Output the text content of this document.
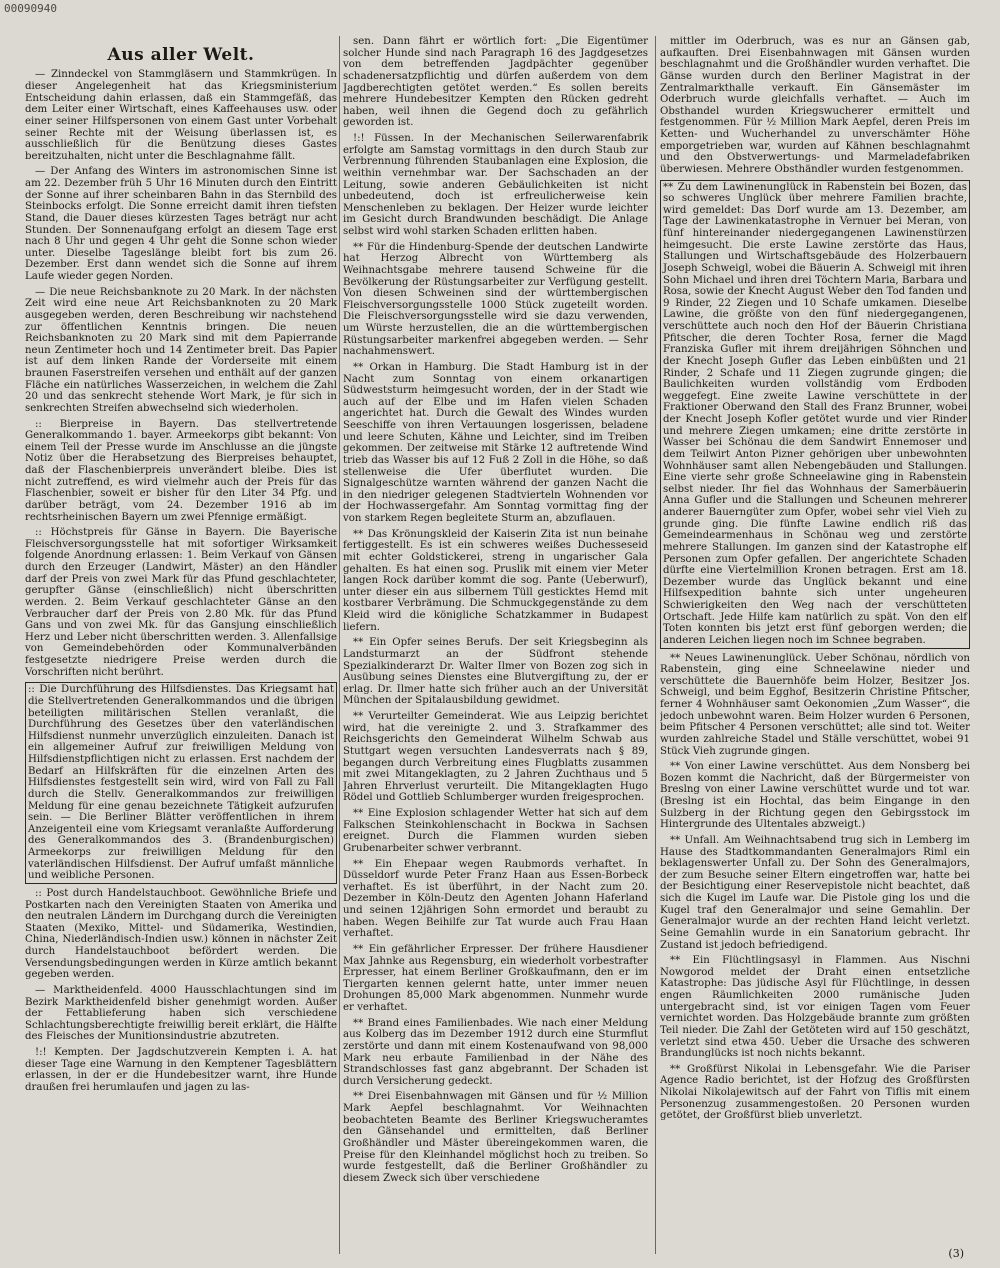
00090940
Aus aller Welt.

— Zinndeckel von Stammgläsern und Stammkrügen. In dieser Angelegenheit hat das Kriegsministerium Entscheidung dahin erlassen, daß ein Stammgefäß, das dem Leiter einer Wirtschaft, eines Kaffeehauses usw. oder einer seiner Hilfspersonen von einem Gast unter Vorbehalt seiner Rechte mit der Weisung überlassen ist, es ausschließlich für die Benützung dieses Gastes bereitzuhalten, nicht unter die Beschlagnahme fällt.

— Der Anfang des Winters im astronomischen Sinne ist am 22. Dezember früh 5 Uhr 16 Minuten durch den Eintritt der Sonne auf ihrer scheinbaren Bahn in das Sternbild des Steinbocks erfolgt. Die Sonne erreicht damit ihren tiefsten Stand, die Dauer dieses kürzesten Tages beträgt nur acht Stunden. Der Sonnenaufgang erfolgt an diesem Tage erst nach 8 Uhr und gegen 4 Uhr geht die Sonne schon wieder unter. Dieselbe Tageslänge bleibt fort bis zum 26. Dezember. Erst dann wendet sich die Sonne auf ihrem Laufe wieder gegen Norden.

— Die neue Reichsbanknote zu 20 Mark. In der nächsten Zeit wird eine neue Art Reichsbanknoten zu 20 Mark ausgegeben werden, deren Beschreibung wir nachstehend zur öffentlichen Kenntnis bringen. Die neuen Reichsbanknoten zu 20 Mark sind mit dem Papierrande neun Zentimeter hoch und 14 Zentimeter breit. Das Papier ist auf dem linken Rande der Vorderseite mit einem braunen Faserstreifen versehen und enthält auf der ganzen Fläche ein natürliches Wasserzeichen, in welchem die Zahl 20 und das senkrecht stehende Wort Mark, je für sich in senkrechten Streifen abwechselnd sich wiederholen.

:: Bierpreise in Bayern. Das stellvertretende Generalkommando 1. bayer. Armeekorps gibt bekannt: Von einem Teil der Presse wurde im Anschlusse an die jüngste Notiz über die Herabsetzung des Bierpreises behauptet, daß der Flaschenbierpreis unverändert bleibe. Dies ist nicht zutreffend, es wird vielmehr auch der Preis für das Flaschenbier, soweit er bisher für den Liter 34 Pfg. und darüber beträgt, vom 24. Dezember 1916 ab im rechtsrheinischen Bayern um zwei Pfennige ermäßigt.

:: Höchstpreis für Gänse in Bayern. Die Bayerische Fleischversorgungsstelle hat mit sofortiger Wirksamkeit folgende Anordnung erlassen: 1. Beim Verkauf von Gänsen durch den Erzeuger (Landwirt, Mäster) an den Händler darf der Preis von zwei Mark für das Pfund geschlachteter, gerupfter Gänse (einschließlich) nicht überschritten werden. 2. Beim Verkauf geschlachteter Gänse an den Verbraucher darf der Preis von 2.80 Mk. für das Pfund Gans und von zwei Mk. für das Gansjung einschließlich Herz und Leber nicht überschritten werden. 3. Allenfallsige von Gemeindebehörden oder Kommunalverbänden festgesetzte niedrigere Preise werden durch die Vorschriften nicht berührt.

:: Die Durchführung des Hilfsdienstes. Das Kriegsamt hat die Stellvertretenden Generalkommandos und die übrigen beteiligten militärischen Stellen veranlaßt, die Durchführung des Gesetzes über den vaterländischen Hilfsdienst nunmehr unverzüglich einzuleiten. Danach ist ein allgemeiner Aufruf zur freiwilligen Meldung von Hilfsdienstpflichtigen nicht zu erlassen. Erst nachdem der Bedarf an Hilfskräften für die einzelnen Arten des Hilfsdienstes festgestellt sein wird, wird von Fall zu Fall durch die Stellv. Generalkommandos zur freiwilligen Meldung für eine genau bezeichnete Tätigkeit aufzurufen sein. — Die Berliner Blätter veröffentlichen in ihrem Anzeigenteil eine vom Kriegsamt veranlaßte Aufforderung des Generalkommandos des 3. (Brandenburgischen) Armeekorps zur freiwilligen Meldung für den vaterländischen Hilfsdienst. Der Aufruf umfaßt männliche und weibliche Personen.

:: Post durch Handelstauchboot. Gewöhnliche Briefe und Postkarten nach den Vereinigten Staaten von Amerika und den neutralen Ländern im Durchgang durch die Vereinigten Staaten (Mexiko, Mittel- und Südamerika, Westindien, China, Niederländisch-Indien usw.) können in nächster Zeit durch Handelstauchboot befördert werden. Die Versendungsbedingungen werden in Kürze amtlich bekannt gegeben werden.

— Marktheidenfeld. 4000 Hausschlachtungen sind im Bezirk Marktheidenfeld bisher genehmigt worden. Außer der Fettablieferung haben sich verschiedene Schlachtungsberechtigte freiwillig bereit erklärt, die Hälfte des Fleisches der Munitionsindustrie abzutreten.

!:! Kempten. Der Jagdschutzverein Kempten i. A. hat dieser Tage eine Warnung in den Kemptener Tagesblättern erlassen, in der er die Hundebesitzer warnt, ihre Hunde draußen frei herumlaufen und jagen zu las-

sen. Dann fährt er wörtlich fort: „Die Eigentümer solcher Hunde sind nach Paragraph 16 des Jagdgesetzes von dem betreffenden Jagdpächter gegenüber schadenersatzpflichtig und dürfen außerdem von dem Jagdberechtigten getötet werden.“ Es sollen bereits mehrere Hundebesitzer Kempten den Rücken gedreht haben, weil ihnen die Gegend doch zu gefährlich geworden ist.

!:! Füssen. In der Mechanischen Seilerwarenfabrik erfolgte am Samstag vormittags in den durch Staub zur Verbrennung führenden Staubanlagen eine Explosion, die weithin vernehmbar war. Der Sachschaden an der Leitung, sowie anderen Gebäulichkeiten ist nicht unbedeutend, doch ist erfreulicherweise kein Menschenleben zu beklagen. Der Heizer wurde leichter im Gesicht durch Brandwunden beschädigt. Die Anlage selbst wird wohl starken Schaden erlitten haben.

** Für die Hindenburg-Spende der deutschen Landwirte hat Herzog Albrecht von Württemberg als Weihnachtsgabe mehrere tausend Schweine für die Bevölkerung der Rüstungsarbeiter zur Verfügung gestellt. Von diesen Schweinen sind der württembergischen Fleischversorgungsstelle 1000 Stück zugeteilt worden. Die Fleischversorgungsstelle wird sie dazu verwenden, um Würste herzustellen, die an die württembergischen Rüstungsarbeiter markenfrei abgegeben werden. — Sehr nachahmenswert.

** Orkan in Hamburg. Die Stadt Hamburg ist in der Nacht zum Sonntag von einem orkanartigen Südweststurm heimgesucht worden, der in der Stadt wie auch auf der Elbe und im Hafen vielen Schaden angerichtet hat. Durch die Gewalt des Windes wurden Seeschiffe von ihren Vertauungen losgerissen, beladene und leere Schuten, Kähne und Leichter, sind im Treiben gekommen. Der zeitweise mit Stärke 12 auftretende Wind trieb das Wasser bis auf 12 Fuß 2 Zoll in die Höhe, so daß stellenweise die Ufer überflutet wurden. Die Signalgeschütze warnten während der ganzen Nacht die in den niedriger gelegenen Stadtvierteln Wohnenden vor der Hochwassergefahr. Am Sonntag vormittag fing der von starkem Regen begleitete Sturm an, abzuflauen.

** Das Krönungskleid der Kaiserin Zita ist nun beinahe fertiggestellt. Es ist ein schweres weißes Duchesseseid mit echter Goldstickerei, streng in ungarischer Gala gehalten. Es hat einen sog. Pruslik mit einem vier Meter langen Rock darüber kommt die sog. Pante (Ueberwurf), unter dieser ein aus silbernem Tüll gesticktes Hemd mit kostbarer Verbrämung. Die Schmuckgegenstände zu dem Kleid wird die königliche Schatzkammer in Budapest liefern.

** Ein Opfer seines Berufs. Der seit Kriegsbeginn als Landsturmarzt an der Südfront stehende Spezialkinderarzt Dr. Walter Ilmer von Bozen zog sich in Ausübung seines Dienstes eine Blutvergiftung zu, der er erlag. Dr. Ilmer hatte sich früher auch an der Universität München der Spitalausbildung gewidmet.

** Verurteilter Gemeinderat. Wie aus Leipzig berichtet wird, hat die vereinigte 2. und 3. Strafkammer des Reichsgerichts den Gemeinderat Wilhelm Schwab aus Stuttgart wegen versuchten Landesverrats nach § 89, begangen durch Verbreitung eines Flugblatts zusammen mit zwei Mitangeklagten, zu 2 Jahren Zuchthaus und 5 Jahren Ehrverlust verurteilt. Die Mitangeklagten Hugo Rödel und Gottlieb Schlumberger wurden freigesprochen.

** Eine Explosion schlagender Wetter hat sich auf dem Falkschen Steinkohlenschacht in Bockwa in Sachsen ereignet. Durch die Flammen wurden sieben Grubenarbeiter schwer verbrannt.

** Ein Ehepaar wegen Raubmords verhaftet. In Düsseldorf wurde Peter Franz Haan aus Essen-Borbeck verhaftet. Es ist überführt, in der Nacht zum 20. Dezember in Köln-Deutz den Agenten Johann Haferland und seinen 12jährigen Sohn ermordet und beraubt zu haben. Wegen Beihilfe zur Tat wurde auch Frau Haan verhaftet.

** Ein gefährlicher Erpresser. Der frühere Hausdiener Max Jahnke aus Regensburg, ein wiederholt vorbestrafter Erpresser, hat einem Berliner Großkaufmann, den er im Tiergarten kennen gelernt hatte, unter immer neuen Drohungen 85,000 Mark abgenommen. Nunmehr wurde er verhaftet.

** Brand eines Familienbades. Wie nach einer Meldung aus Kolberg das im Dezember 1912 durch eine Sturmflut zerstörte und dann mit einem Kostenaufwand von 98,000 Mark neu erbaute Familienbad in der Nähe des Strandschlosses fast ganz abgebrannt. Der Schaden ist durch Versicherung gedeckt.

** Drei Eisenbahnwagen mit Gänsen und für ½ Million Mark Aepfel beschlagnahmt. Vor Weihnachten beobachteten Beamte des Berliner Kriegswucheramtes den Gänsehandel und ermittelten, daß Berliner Großhändler und Mäster übereingekommen waren, die Preise für den Kleinhandel möglichst hoch zu treiben. So wurde festgestellt, daß die Berliner Großhändler zu diesem Zweck sich über verschiedene

mittler im Oderbruch, was es nur an Gänsen gab, aufkauften. Drei Eisenbahnwagen mit Gänsen wurden beschlagnahmt und die Großhändler wurden verhaftet. Die Gänse wurden durch den Berliner Magistrat in der Zentralmarkthalle verkauft. Ein Gänsemäster im Oderbruch wurde gleichfalls verhaftet. — Auch im Obsthandel wurden Kriegswucherer ermittelt und festgenommen. Für ½ Million Mark Aepfel, deren Preis im Ketten- und Wucherhandel zu unverschämter Höhe emporgetrieben war, wurden auf Kähnen beschlagnahmt und den Obstverwertungs- und Marmeladefabriken überwiesen. Mehrere Obsthändler wurden festgenommen.

** Zu dem Lawinenunglück in Rabenstein bei Bozen, das so schweres Unglück über mehrere Familien brachte, wird gemeldet: Das Dorf wurde am 13. Dezember, am Tage der Lawinenkatastrophe in Vernuer bei Meran, von fünf hintereinander niedergegangenen Lawinenstürzen heimgesucht. Die erste Lawine zerstörte das Haus, Stallungen und Wirtschaftsgebäude des Holzerbauern Joseph Schweigl, wobei die Bäuerin A. Schweigl mit ihren Sohn Michael und ihren drei Töchtern Maria, Barbara und Rosa, sowie der Knecht August Weber den Tod fanden und 9 Rinder, 22 Ziegen und 10 Schafe umkamen. Dieselbe Lawine, die größte von den fünf niedergegangenen, verschüttete auch noch den Hof der Bäuerin Christiana Pfitscher, die deren Tochter Rosa, ferner die Magd Franziska Gufler mit ihrem dreijährigen Söhnchen und der Knecht Joseph Gufler das Leben einbüßten und 21 Rinder, 2 Schafe und 11 Ziegen zugrunde gingen; die Baulichkeiten wurden vollständig vom Erdboden weggefegt. Eine zweite Lawine verschüttete in der Fraktioner Oberwand den Stall des Franz Brunner, wobei der Knecht Joseph Kofler getötet wurde und vier Rinder und mehrere Ziegen umkamen; eine dritte zerstörte in Wasser bei Schönau die dem Sandwirt Ennemoser und dem Teilwirt Anton Pizner gehörigen uber unbewohnten Wohnhäuser samt allen Nebengebäuden und Stallungen. Eine vierte sehr große Schneelawine ging in Rabenstein selbst nieder. Ihr fiel das Wohnhaus der Samerbäuerin Anna Gufler und die Stallungen und Scheunen mehrerer anderer Bauerngüter zum Opfer, wobei sehr viel Vieh zu grunde ging. Die fünfte Lawine endlich riß das Gemeindearmenhaus in Schönau weg und zerstörte mehrere Stallungen. Im ganzen sind der Katastrophe elf Personen zum Opfer gefallen. Der angerichtete Schaden dürfte eine Viertelmillion Kronen betragen. Erst am 18. Dezember wurde das Unglück bekannt und eine Hilfsexpedition bahnte sich unter ungeheuren Schwierigkeiten den Weg nach der verschütteten Ortschaft. Jede Hilfe kam natürlich zu spät. Von den elf Toten konnten bis jetzt erst fünf geborgen werden; die anderen Leichen liegen noch im Schnee begraben.

** Neues Lawinenunglück. Ueber Schönau, nördlich von Rabenstein, ging eine Schneelawine nieder und verschüttete die Bauernhöfe beim Holzer, Besitzer Jos. Schweigl, und beim Egghof, Besitzerin Christine Pfitscher, ferner 4 Wohnhäuser samt Oekonomien „Zum Wasser“, die jedoch unbewohnt waren. Beim Holzer wurden 6 Personen, beim Pfitscher 4 Personen verschüttet; alle sind tot. Weiter wurden zahlreiche Stadel und Ställe verschüttet, wobei 91 Stück Vieh zugrunde gingen.

** Von einer Lawine verschüttet. Aus dem Nonsberg bei Bozen kommt die Nachricht, daß der Bürgermeister von Breslng von einer Lawine verschüttet wurde und tot war. (Breslng ist ein Hochtal, das beim Eingange in den Sulzberg in der Richtung gegen den Gebirgsstock im Hintergrunde des Ultentales abzweigt.)

** Unfall. Am Weihnachtsabend trug sich in Lemberg im Hause des Stadtkommandanten Generalmajors Riml ein beklagenswerter Unfall zu. Der Sohn des Generalmajors, der zum Besuche seiner Eltern eingetroffen war, hatte bei der Besichtigung einer Reservepistole nicht beachtet, daß sich die Kugel im Laufe war. Die Pistole ging los und die Kugel traf den Generalmajor und seine Gemahlin. Der Generalmajor wurde an der rechten Hand leicht verletzt. Seine Gemahlin wurde in ein Sanatorium gebracht. Ihr Zustand ist jedoch befriedigend.

** Ein Flüchtlingsasyl in Flammen. Aus Nischni Nowgorod meldet der Draht einen entsetzliche Katastrophe: Das jüdische Asyl für Flüchtlinge, in dessen engen Räumlichkeiten 2000 rumänische Juden untergebracht sind, ist vor einigen Tagen vom Feuer vernichtet worden. Das Holzgebäude brannte zum größten Teil nieder. Die Zahl der Getöteten wird auf 150 geschätzt, verletzt sind etwa 450. Ueber die Ursache des schweren Brandunglücks ist noch nichts bekannt.

** Großfürst Nikolai in Lebensgefahr. Wie die Pariser Agence Radio berichtet, ist der Hofzug des Großfürsten Nikolai Nikolajewitsch auf der Fahrt von Tiflis mit einem Personenzug zusammengestoßen. 20 Personen wurden getötet, der Großfürst blieb unverletzt.

(3)
